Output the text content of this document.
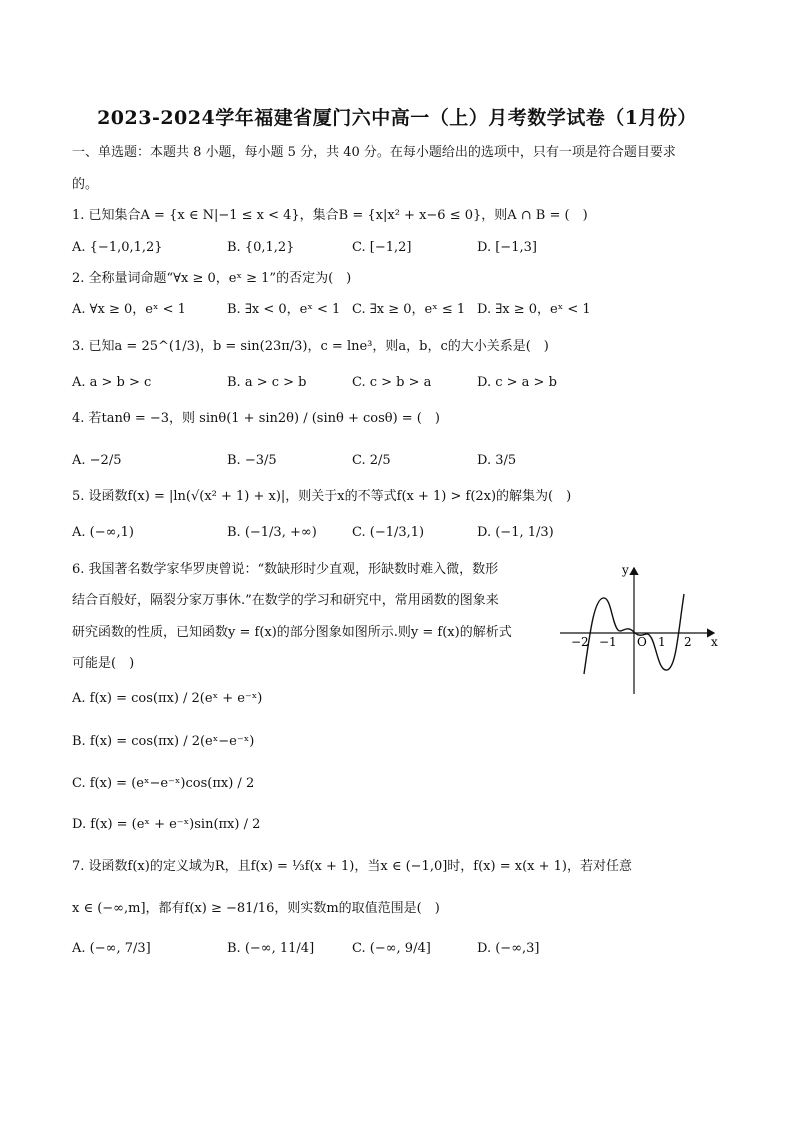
2023-2024学年福建省厦门六中高一（上）月考数学试卷（1月份）
一、单选题：本题共 8 小题，每小题 5 分，共 40 分。在每小题给出的选项中，只有一项是符合题目要求
的。
1. 已知集合A = {x ∈ N|−1 ≤ x < 4}，集合B = {x|x² + x−6 ≤ 0}，则A ∩ B = (　)
A. {−1,0,1,2}	B. {0,1,2}	C. [−1,2]	D. [−1,3]
2. 全称量词命题“∀x ≥ 0，eˣ ≥ 1”的否定为(　)
A. ∀x ≥ 0，eˣ < 1	B. ∃x < 0，eˣ < 1 C. ∃x ≥ 0，eˣ ≤ 1 D. ∃x ≥ 0，eˣ < 1
3. 已知a = 25^(1/3)，b = sin(23π/3)，c = lne³，则a，b，c的大小关系是(　)
A. a > b > c	B. a > c > b	C. c > b > a	D. c > a > b
4. 若tanθ = −3，则 sinθ(1 + sin2θ) / (sinθ + cosθ) = (　)
A. −2/5	B. −3/5	C. 2/5	D. 3/5
5. 设函数f(x) = |ln(√(x² + 1) + x)|，则关于x的不等式f(x + 1) > f(2x)的解集为(　)
A. (−∞,1)	B. (−1/3, +∞)	C. (−1/3,1)	D. (−1, 1/3)
6. 我国著名数学家华罗庚曾说：“数缺形时少直观，形缺数时难入微，数形
结合百般好，隔裂分家万事休.”在数学的学习和研究中，常用函数的图象来
研究函数的性质，已知函数y = f(x)的部分图象如图所示.则y = f(x)的解析式
可能是(　)
A. f(x) = cos(πx) / 2(eˣ + e⁻ˣ)
B. f(x) = cos(πx) / 2(eˣ−e⁻ˣ)
C. f(x) = (eˣ−e⁻ˣ)cos(πx) / 2
D. f(x) = (eˣ + e⁻ˣ)sin(πx) / 2
y
x
O
−2 −1	1 2
7. 设函数f(x)的定义域为R，且f(x) = ⅓f(x + 1)，当x ∈ (−1,0]时，f(x) = x(x + 1)，若对任意
x ∈ (−∞,m]，都有f(x) ≥ −81/16，则实数m的取值范围是(　)
A. (−∞, 7/3]	B. (−∞, 11/4]	C. (−∞, 9/4]	D. (−∞,3]
